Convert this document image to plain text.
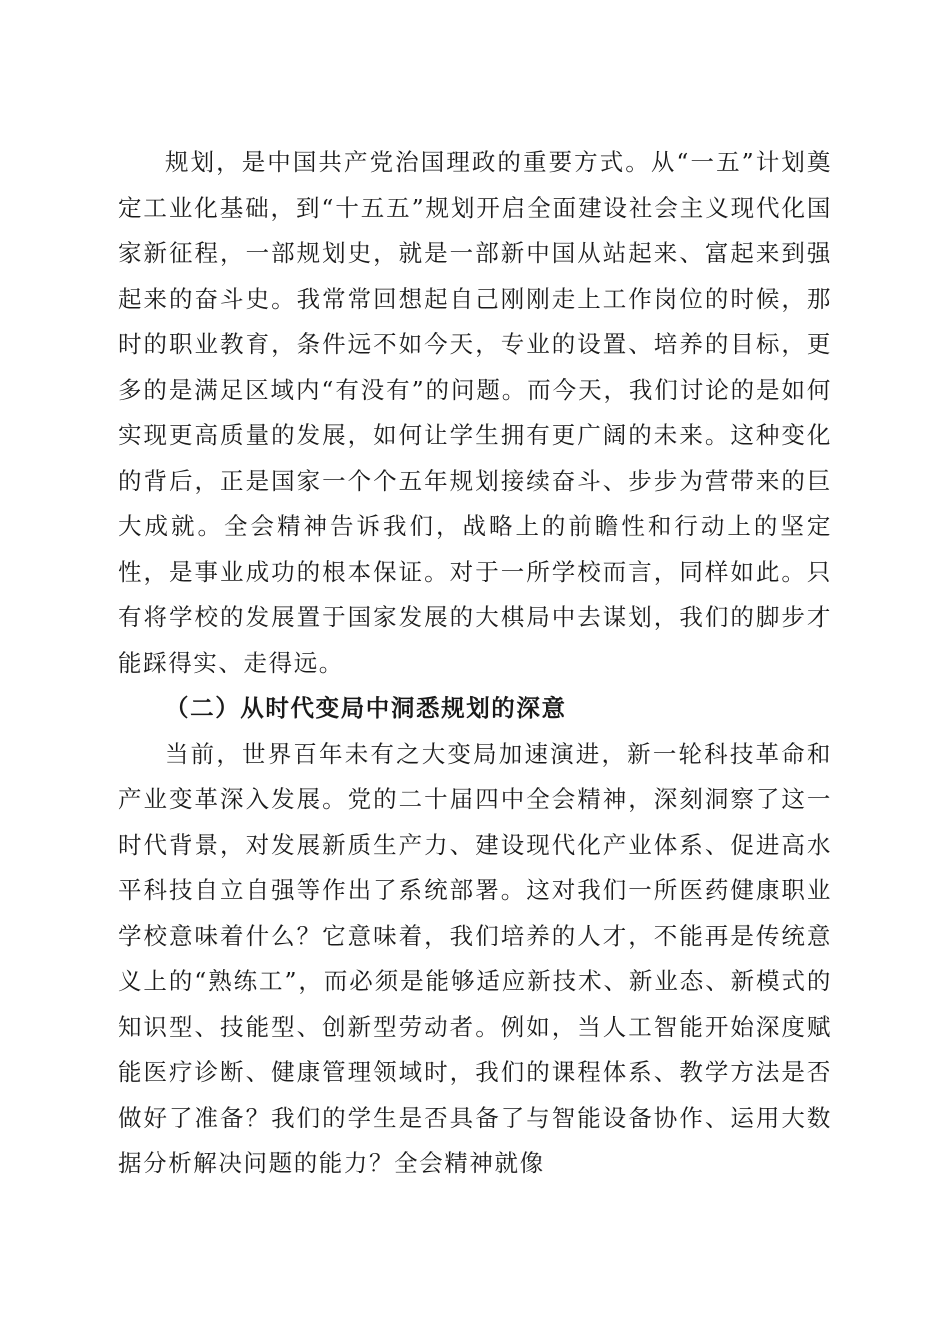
规划，是中国共产党治国理政的重要方式。从“一五”计划奠定工业化基础，到“十五五”规划开启全面建设社会主义现代化国家新征程，一部规划史，就是一部新中国从站起来、富起来到强起来的奋斗史。我常常回想起自己刚刚走上工作岗位的时候，那时的职业教育，条件远不如今天，专业的设置、培养的目标，更多的是满足区域内“有没有”的问题。而今天，我们讨论的是如何实现更高质量的发展，如何让学生拥有更广阔的未来。这种变化的背后，正是国家一个个五年规划接续奋斗、步步为营带来的巨大成就。全会精神告诉我们，战略上的前瞻性和行动上的坚定性，是事业成功的根本保证。对于一所学校而言，同样如此。只有将学校的发展置于国家发展的大棋局中去谋划，我们的脚步才能踩得实、走得远。

（二）从时代变局中洞悉规划的深意

当前，世界百年未有之大变局加速演进，新一轮科技革命和产业变革深入发展。党的二十届四中全会精神，深刻洞察了这一时代背景，对发展新质生产力、建设现代化产业体系、促进高水平科技自立自强等作出了系统部署。这对我们一所医药健康职业学校意味着什么？它意味着，我们培养的人才，不能再是传统意义上的“熟练工”，而必须是能够适应新技术、新业态、新模式的知识型、技能型、创新型劳动者。例如，当人工智能开始深度赋能医疗诊断、健康管理领域时，我们的课程体系、教学方法是否做好了准备？我们的学生是否具备了与智能设备协作、运用大数据分析解决问题的能力？全会精神就像
